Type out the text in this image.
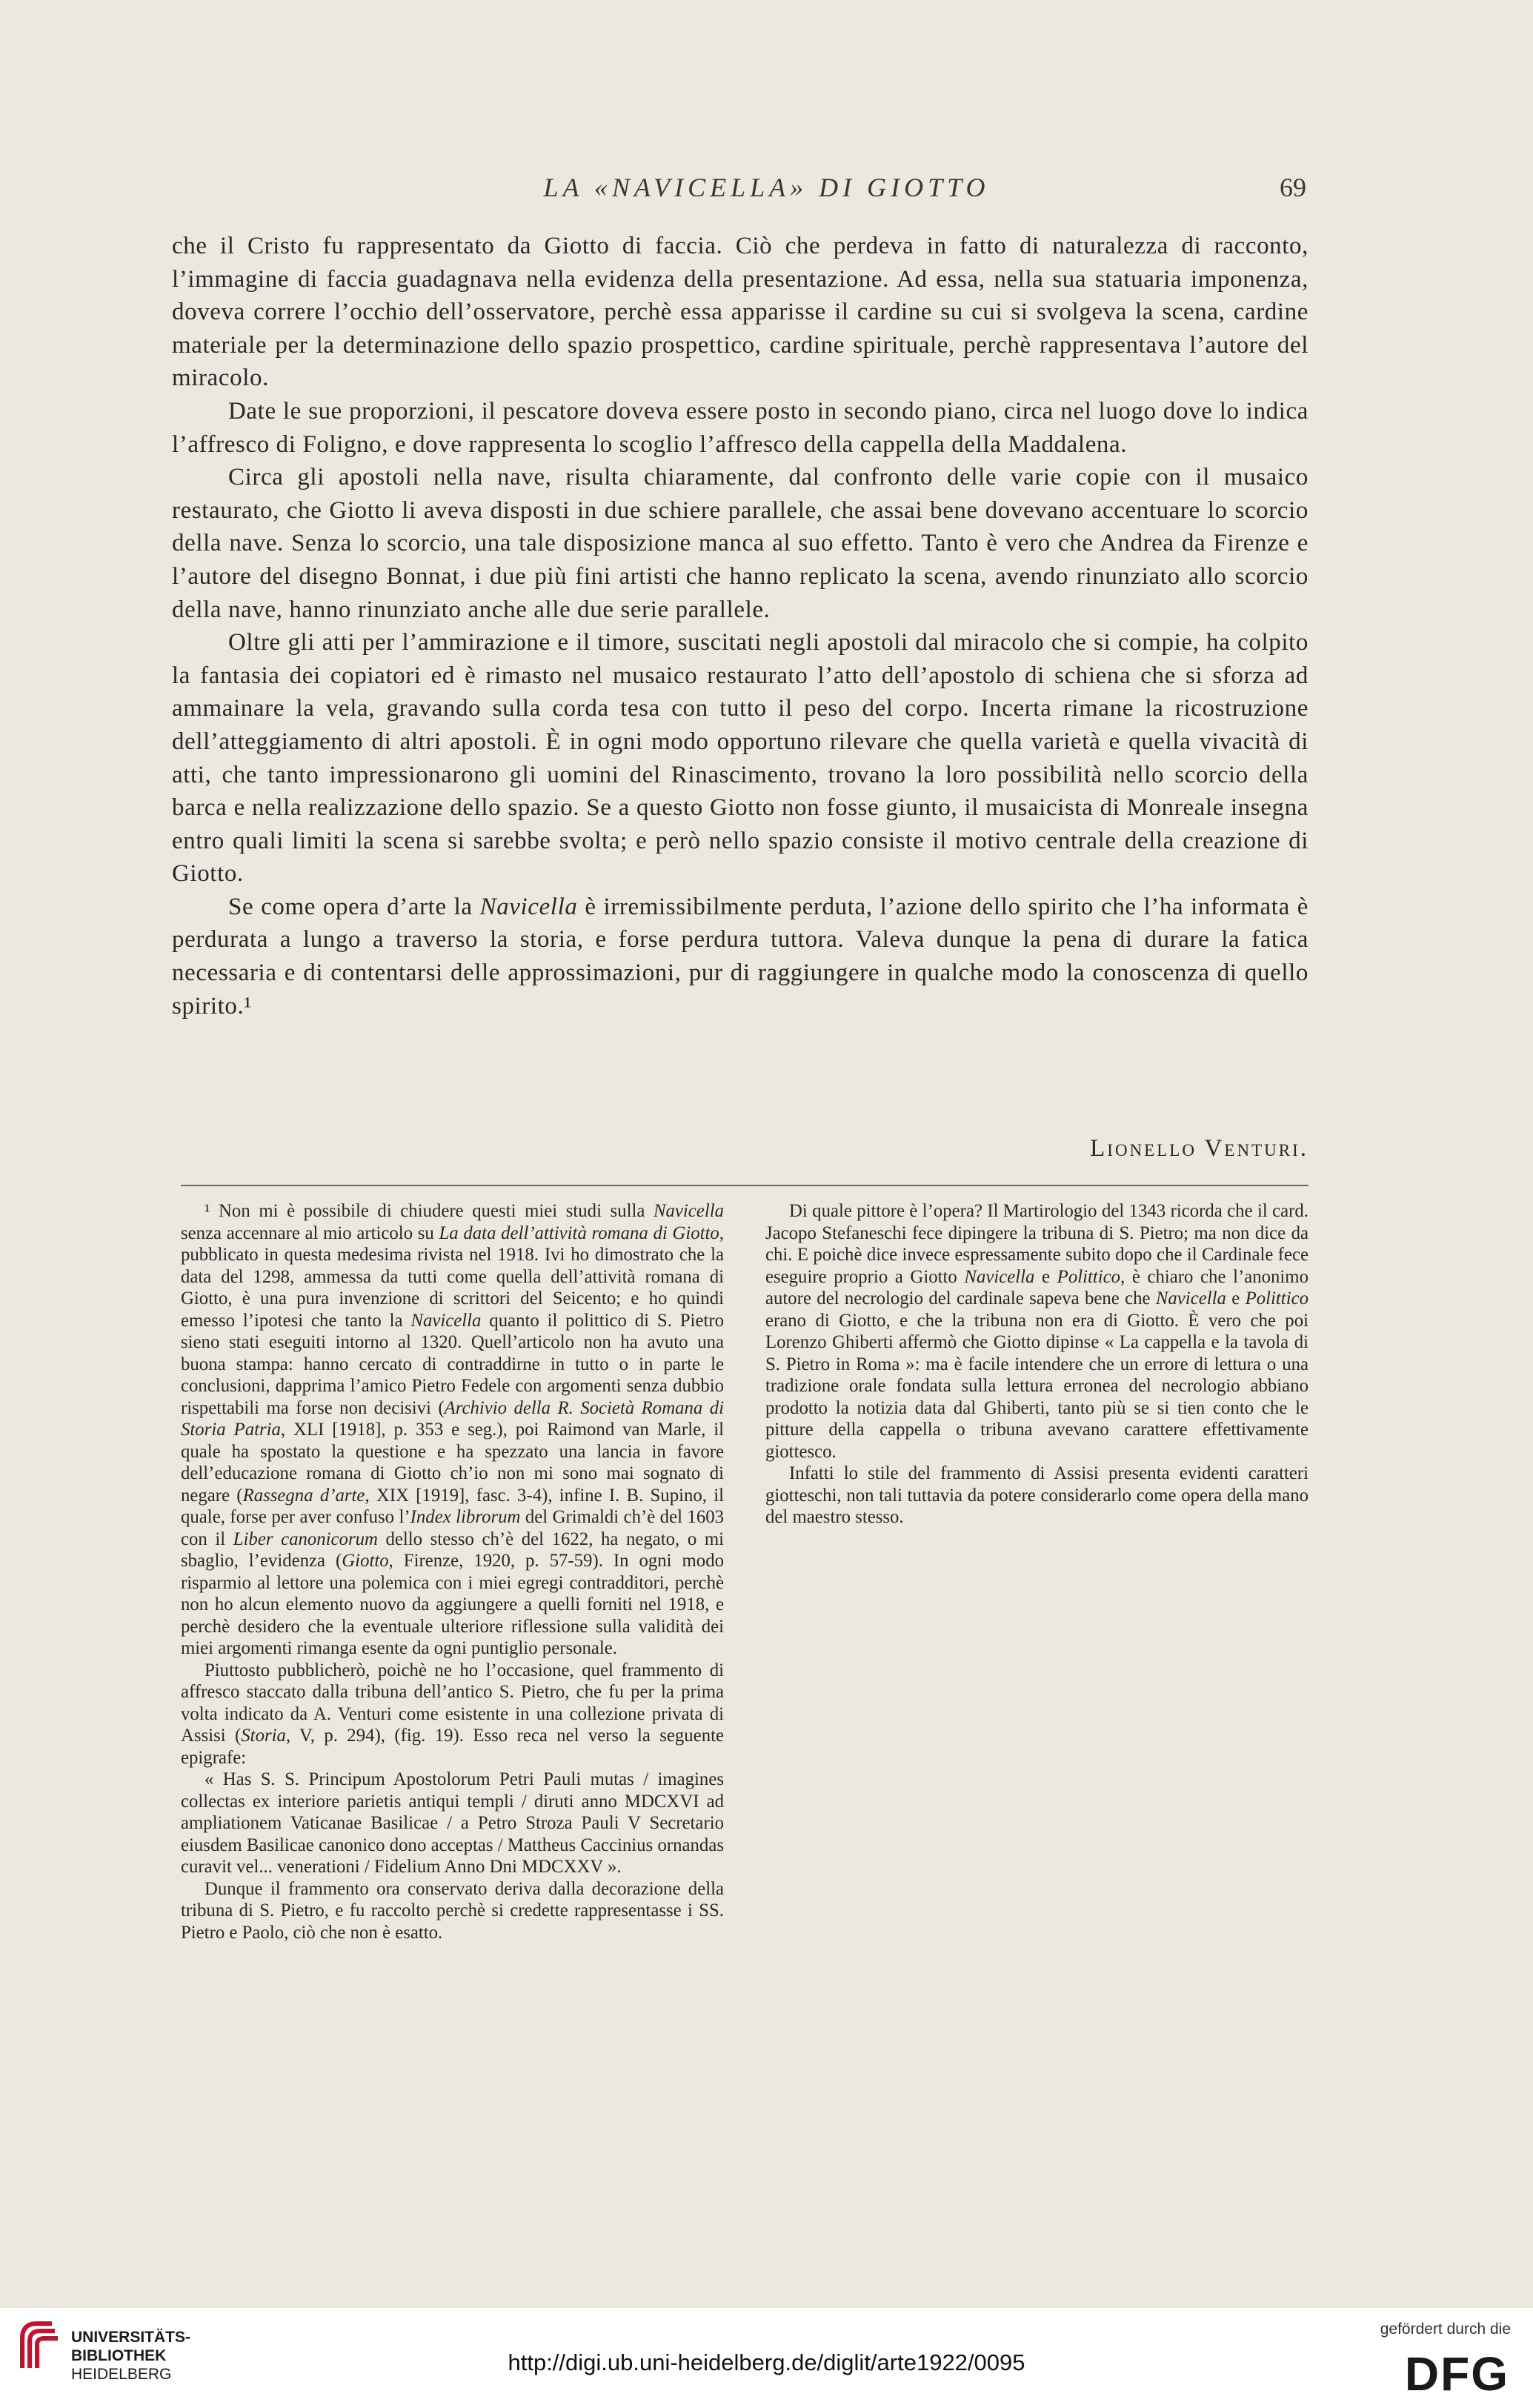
LA «NAVICELLA» DI GIOTTO	69

che il Cristo fu rappresentato da Giotto di faccia. Ciò che perdeva in fatto di naturalezza di racconto, l’immagine di faccia guadagnava nella evidenza della presentazione. Ad essa, nella sua statuaria imponenza, doveva correre l’occhio dell’osservatore, perchè essa apparisse il cardine su cui si svolgeva la scena, cardine materiale per la determinazione dello spazio prospettico, cardine spirituale, perchè rappresentava l’autore del miracolo.

Date le sue proporzioni, il pescatore doveva essere posto in secondo piano, circa nel luogo dove lo indica l’affresco di Foligno, e dove rappresenta lo scoglio l’affresco della cappella della Maddalena.

Circa gli apostoli nella nave, risulta chiaramente, dal confronto delle varie copie con il musaico restaurato, che Giotto li aveva disposti in due schiere parallele, che assai bene dovevano accentuare lo scorcio della nave. Senza lo scorcio, una tale disposizione manca al suo effetto. Tanto è vero che Andrea da Firenze e l’autore del disegno Bonnat, i due più fini artisti che hanno replicato la scena, avendo rinunziato allo scorcio della nave, hanno rinunziato anche alle due serie parallele.

Oltre gli atti per l’ammirazione e il timore, suscitati negli apostoli dal miracolo che si compie, ha colpito la fantasia dei copiatori ed è rimasto nel musaico restaurato l’atto dell’apostolo di schiena che si sforza ad ammainare la vela, gravando sulla corda tesa con tutto il peso del corpo. Incerta rimane la ricostruzione dell’atteggiamento di altri apostoli. È in ogni modo opportuno rilevare che quella varietà e quella vivacità di atti, che tanto impressionarono gli uomini del Rinascimento, trovano la loro possibilità nello scorcio della barca e nella realizzazione dello spazio. Se a questo Giotto non fosse giunto, il musaicista di Monreale insegna entro quali limiti la scena si sarebbe svolta; e però nello spazio consiste il motivo centrale della creazione di Giotto.

Se come opera d’arte la Navicella è irremissibilmente perduta, l’azione dello spirito che l’ha informata è perdurata a lungo a traverso la storia, e forse perdura tuttora. Valeva dunque la pena di durare la fatica necessaria e di contentarsi delle approssimazioni, pur di raggiungere in qualche modo la conoscenza di quello spirito.¹

Lionello Venturi.

¹ Non mi è possibile di chiudere questi miei studi sulla Navicella senza accennare al mio articolo su La data dell’attività romana di Giotto, pubblicato in questa medesima rivista nel 1918. Ivi ho dimostrato che la data del 1298, ammessa da tutti come quella dell’attività romana di Giotto, è una pura invenzione di scrittori del Seicento; e ho quindi emesso l’ipotesi che tanto la Navicella quanto il polittico di S. Pietro sieno stati eseguiti intorno al 1320. Quell’articolo non ha avuto una buona stampa: hanno cercato di contraddirne in tutto o in parte le conclusioni, dapprima l’amico Pietro Fedele con argomenti senza dubbio rispettabili ma forse non decisivi (Archivio della R. Società Romana di Storia Patria, XLI [1918], p. 353 e seg.), poi Raimond van Marle, il quale ha spostato la questione e ha spezzato una lancia in favore dell’educazione romana di Giotto ch’io non mi sono mai sognato di negare (Rassegna d’arte, XIX [1919], fasc. 3-4), infine I. B. Supino, il quale, forse per aver confuso l’Index librorum del Grimaldi ch’è del 1603 con il Liber canonicorum dello stesso ch’è del 1622, ha negato, o mi sbaglio, l’evidenza (Giotto, Firenze, 1920, p. 57-59). In ogni modo risparmio al lettore una polemica con i miei egregi contradditori, perchè non ho alcun elemento nuovo da aggiungere a quelli forniti nel 1918, e perchè desidero che la eventuale ulteriore riflessione sulla validità dei miei argomenti rimanga esente da ogni puntiglio personale.

Piuttosto pubblicherò, poichè ne ho l’occasione, quel frammento di affresco staccato dalla tribuna dell’antico S. Pietro, che fu per la prima volta indicato da A. Venturi come esistente in una collezione privata di Assisi (Storia, V, p. 294), (fig. 19). Esso reca nel verso la seguente epigrafe:

« Has S. S. Principum Apostolorum Petri Pauli mutas / imagines collectas ex interiore parietis antiqui templi / diruti anno MDCXVI ad ampliationem Vaticanae Basilicae / a Petro Stroza Pauli V Secretario eiusdem Basilicae canonico dono acceptas / Mattheus Caccinius ornandas curavit vel... venerationi / Fidelium Anno Dni MDCXXV ».

Dunque il frammento ora conservato deriva dalla decorazione della tribuna di S. Pietro, e fu raccolto perchè si credette rappresentasse i SS. Pietro e Paolo, ciò che non è esatto.

Di quale pittore è l’opera? Il Martirologio del 1343 ricorda che il card. Jacopo Stefaneschi fece dipingere la tribuna di S. Pietro; ma non dice da chi. E poichè dice invece espressamente subito dopo che il Cardinale fece eseguire proprio a Giotto Navicella e Polittico, è chiaro che l’anonimo autore del necrologio del cardinale sapeva bene che Navicella e Polittico erano di Giotto, e che la tribuna non era di Giotto. È vero che poi Lorenzo Ghiberti affermò che Giotto dipinse « La cappella e la tavola di S. Pietro in Roma »: ma è facile intendere che un errore di lettura o una tradizione orale fondata sulla lettura erronea del necrologio abbiano prodotto la notizia data dal Ghiberti, tanto più se si tien conto che le pitture della cappella o tribuna avevano carattere effettivamente giottesco.

Infatti lo stile del frammento di Assisi presenta evidenti caratteri giotteschi, non tali tuttavia da potere considerarlo come opera della mano del maestro stesso.

UNIVERSITÄTS-
BIBLIOTHEK
HEIDELBERG	http://digi.ub.uni-heidelberg.de/diglit/arte1922/0095
gefördert durch die
DFG
